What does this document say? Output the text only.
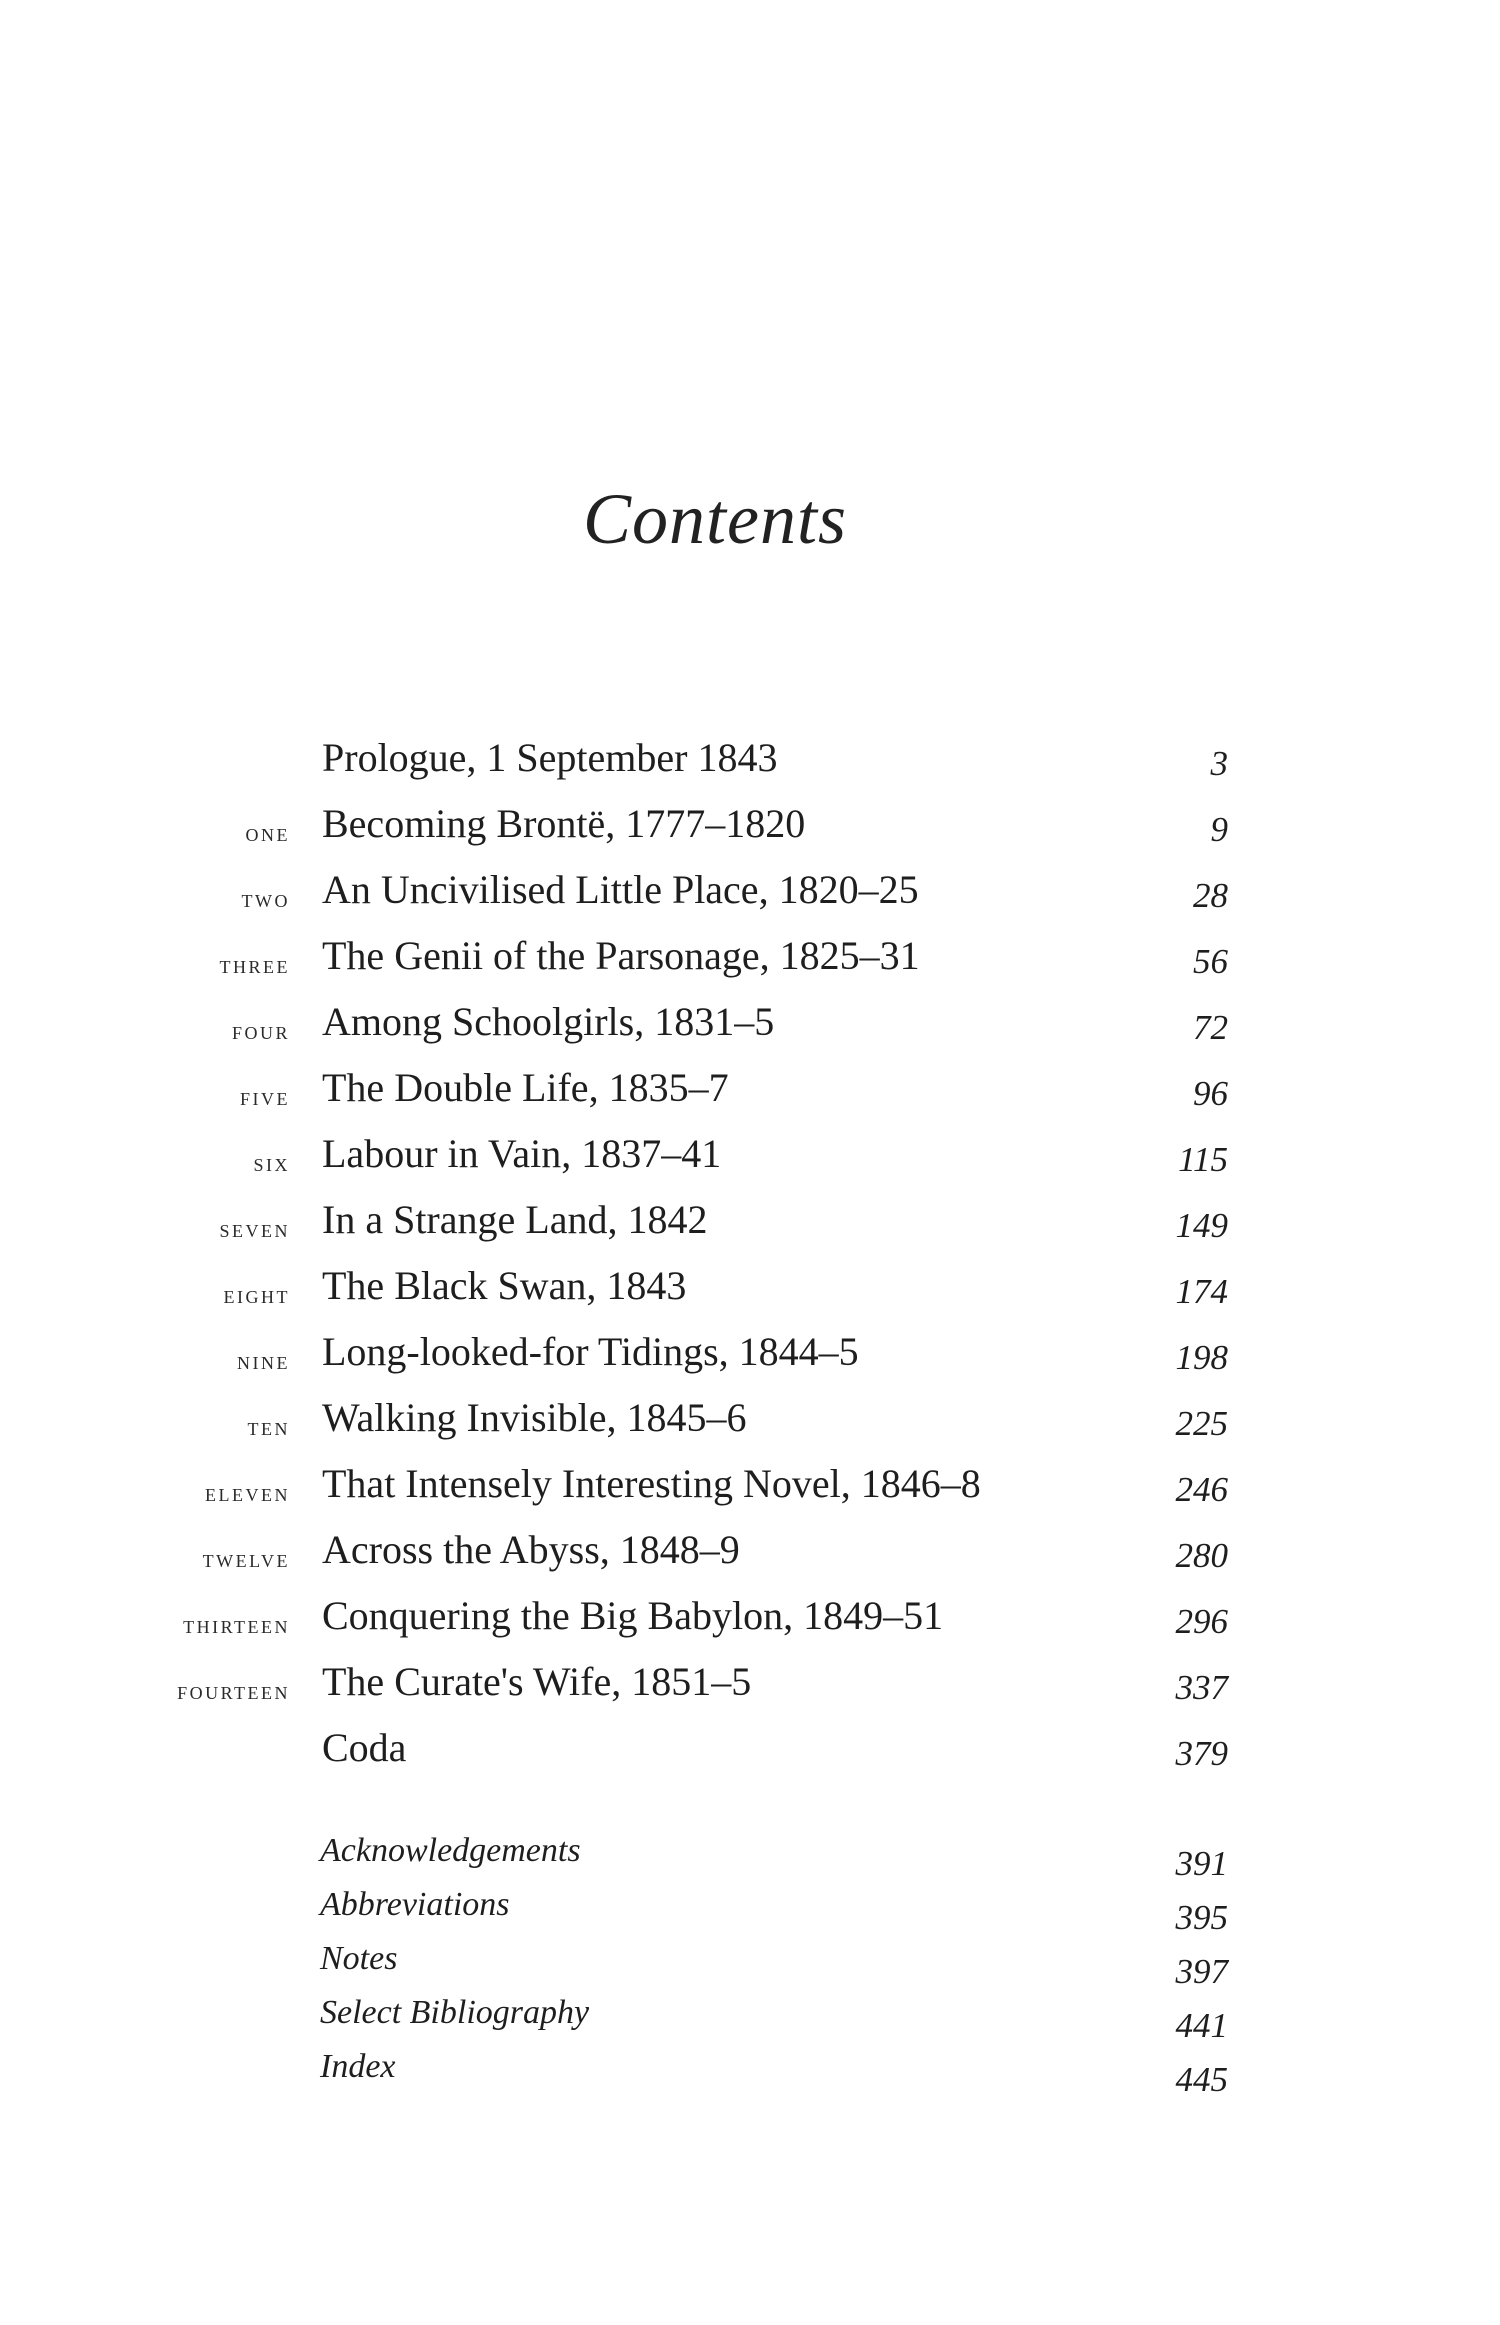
Contents
Prologue, 1 September 1843	3
one Becoming Brontë, 1777–1820	9
two An Uncivilised Little Place, 1820–25	28
three The Genii of the Parsonage, 1825–31	56
four Among Schoolgirls, 1831–5	72
five The Double Life, 1835–7	96
six Labour in Vain, 1837–41	115
seven In a Strange Land, 1842	149
eight The Black Swan, 1843	174
nine Long-looked-for Tidings, 1844–5	198
ten Walking Invisible, 1845–6	225
eleven That Intensely Interesting Novel, 1846–8	246
twelve Across the Abyss, 1848–9	280
thirteen Conquering the Big Babylon, 1849–51	296
fourteen The Curate's Wife, 1851–5	337
Coda	379
Acknowledgements	391
Abbreviations	395
Notes	397
Select Bibliography	441
Index	445
